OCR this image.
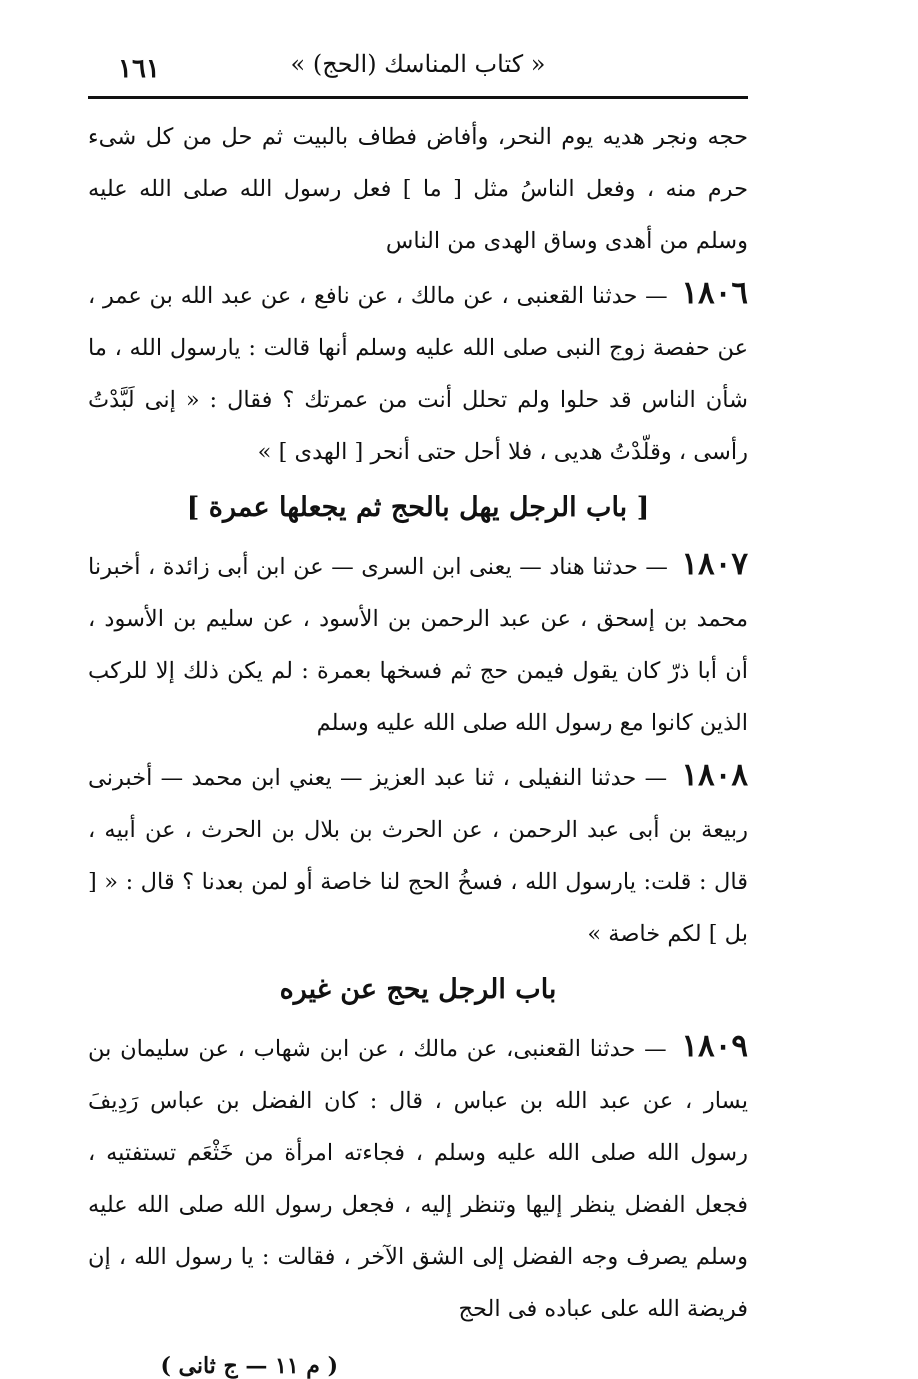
١٦١	« كتاب المناسك (الحج) »

حجه ونجر هديه يوم النحر، وأفاض فطاف بالبيت ثم حل من كل شىء حرم منه ، وفعل الناسُ مثل [ ما ] فعل رسول الله صلى الله عليه وسلم من أهدى وساق الهدى من الناس

١٨٠٦ — حدثنا القعنبى ، عن مالك ، عن نافع ، عن عبد الله بن عمر ، عن حفصة زوج النبى صلى الله عليه وسلم أنها قالت : يارسول الله ، ما شأن الناس قد حلوا ولم تحلل أنت من عمرتك ؟ فقال : « إنى لَبَّدْتُ رأسى ، وقلّدْتُ هديى ، فلا أحل حتى أنحر [ الهدى ] »

[ باب الرجل يهل بالحج ثم يجعلها عمرة ]

١٨٠٧ — حدثنا هناد — يعنى ابن السرى — عن ابن أبى زائدة ، أخبرنا محمد بن إسحق ، عن عبد الرحمن بن الأسود ، عن سليم بن الأسود ، أن أبا ذرّ كان يقول فيمن حج ثم فسخها بعمرة : لم يكن ذلك إلا للركب الذين كانوا مع رسول الله صلى الله عليه وسلم

١٨٠٨ — حدثنا النفيلى ، ثنا عبد العزيز — يعني ابن محمد — أخبرنى ربيعة بن أبى عبد الرحمن ، عن الحرث بن بلال بن الحرث ، عن أبيه ، قال : قلت: يارسول الله ، فسخُ الحج لنا خاصة أو لمن بعدنا ؟ قال : « [ بل ] لكم خاصة »

باب الرجل يحج عن غيره

١٨٠٩ — حدثنا القعنبى، عن مالك ، عن ابن شهاب ، عن سليمان بن يسار ، عن عبد الله بن عباس ، قال : كان الفضل بن عباس رَدِيفَ رسول الله صلى الله عليه وسلم ، فجاءته امرأة من خَثْعَم تستفتيه ، فجعل الفضل ينظر إليها وتنظر إليه ، فجعل رسول الله صلى الله عليه وسلم يصرف وجه الفضل إلى الشق الآخر ، فقالت : يا رسول الله ، إن فريضة الله على عباده فى الحج

( م ١١ — ج ثانى )
